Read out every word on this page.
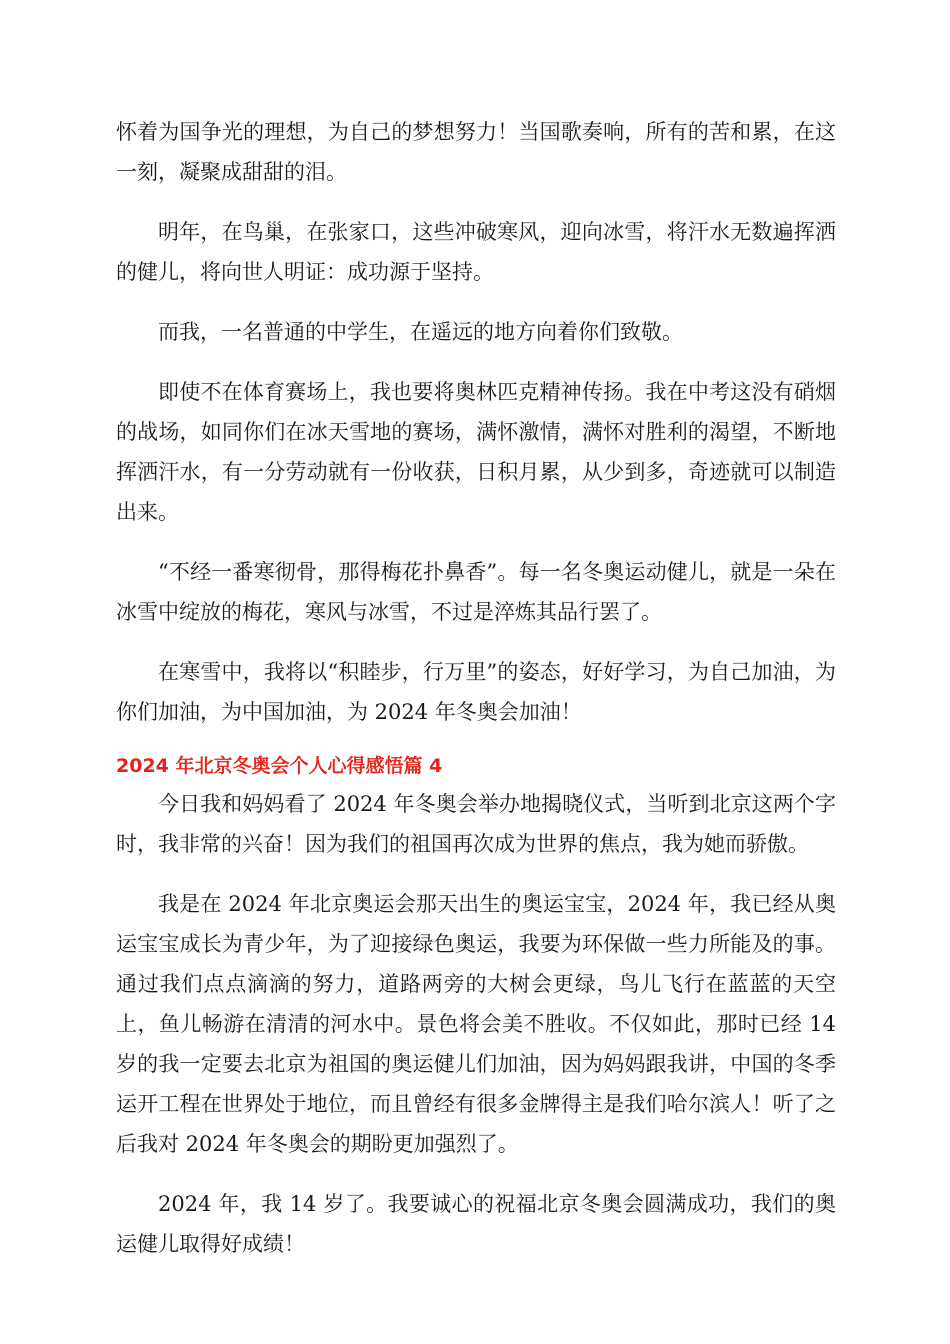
怀着为国争光的理想，为自己的梦想努力！当国歌奏响，所有的苦和累，在这一刻，凝聚成甜甜的泪。

明年，在鸟巢，在张家口，这些冲破寒风，迎向冰雪，将汗水无数遍挥洒的健儿，将向世人明证：成功源于坚持。

而我，一名普通的中学生，在遥远的地方向着你们致敬。

即使不在体育赛场上，我也要将奥林匹克精神传扬。我在中考这没有硝烟的战场，如同你们在冰天雪地的赛场，满怀激情，满怀对胜利的渴望，不断地挥洒汗水，有一分劳动就有一份收获，日积月累，从少到多，奇迹就可以制造出来。

“不经一番寒彻骨，那得梅花扑鼻香”。每一名冬奥运动健儿，就是一朵在冰雪中绽放的梅花，寒风与冰雪，不过是淬炼其品行罢了。

在寒雪中，我将以“积睦步，行万里”的姿态，好好学习，为自己加油，为你们加油，为中国加油，为 2024 年冬奥会加油！

2024 年北京冬奥会个人心得感悟篇 4

今日我和妈妈看了 2024 年冬奥会举办地揭晓仪式，当听到北京这两个字时，我非常的兴奋！因为我们的祖国再次成为世界的焦点，我为她而骄傲。

我是在 2024 年北京奥运会那天出生的奥运宝宝，2024 年，我已经从奥运宝宝成长为青少年，为了迎接绿色奥运，我要为环保做一些力所能及的事。通过我们点点滴滴的努力，道路两旁的大树会更绿，鸟儿飞行在蓝蓝的天空上，鱼儿畅游在清清的河水中。景色将会美不胜收。不仅如此，那时已经 14 岁的我一定要去北京为祖国的奥运健儿们加油，因为妈妈跟我讲，中国的冬季运开工程在世界处于地位，而且曾经有很多金牌得主是我们哈尔滨人！听了之后我对 2024 年冬奥会的期盼更加强烈了。

2024 年，我 14 岁了。我要诚心的祝福北京冬奥会圆满成功，我们的奥运健儿取得好成绩！
